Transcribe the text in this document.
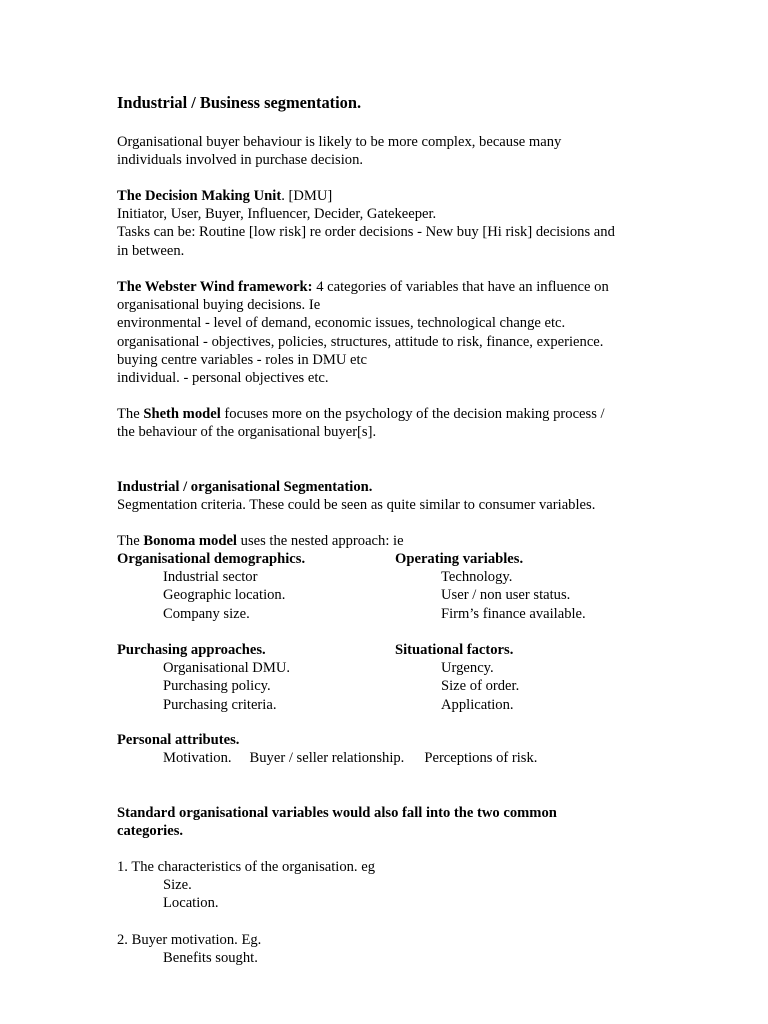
Industrial / Business segmentation.
Organisational buyer behaviour is likely to be more complex, because many
individuals involved in purchase decision.
The Decision Making Unit. [DMU]
Initiator, User, Buyer, Influencer, Decider, Gatekeeper.
Tasks can be: Routine [low risk] re order decisions - New buy [Hi risk] decisions and
in between.
The Webster Wind framework: 4 categories of variables that have an influence on
organisational buying decisions. Ie
environmental - level of demand, economic issues, technological change etc.
organisational - objectives, policies, structures, attitude to risk, finance, experience.
buying centre variables - roles in DMU etc
individual. - personal objectives etc.
The Sheth model focuses more on the psychology of the decision making process /
the behaviour of the organisational buyer[s].
Industrial / organisational Segmentation.
Segmentation criteria. These could be seen as quite similar to consumer variables.
The Bonoma model uses the nested approach: ie
Organisational demographics.
Industrial sector
Geographic location.
Company size.
Operating variables.
Technology.
User / non user status.
Firm’s finance available.
Purchasing approaches.
Organisational DMU.
Purchasing policy.
Purchasing criteria.
Situational factors.
Urgency.
Size of order.
Application.
Personal attributes.
Motivation. Buyer / seller relationship. Perceptions of risk.
Standard organisational variables would also fall into the two common
categories.
1. The characteristics of the organisation. eg
Size.
Location.
2. Buyer motivation. Eg.
Benefits sought.
